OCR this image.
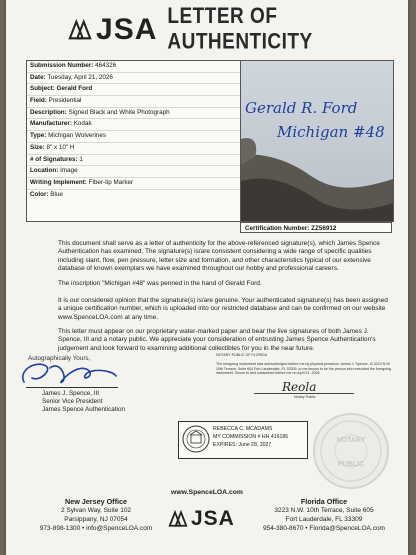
JSA LETTER OF AUTHENTICITY
Submission Number: 464326
Date: Tuesday, April 21, 2026
Subject: Gerald Ford
Field: Presidential
Description: Signed Black and White Photograph
Manufacturer: Kodak
Type: Michigan Wolverines
Size: 8" x 10" H
# of Signatures: 1
Location: Image
Writing Implement: Fiber-tip Marker
Color: Blue
Gerald R. Ford
Michigan #48
Certification Number: ZZ56912

This document shall serve as a letter of authenticity for the above-referenced signature(s), which James Spence Authentication has examined. The signature(s) is/are consistent considering a wide range of specific qualities including slant, flow, pen pressure, letter size and formation, and other characteristics typical of our extensive database of known exemplars we have examined throughout our hobby and professional careers.

The inscription "Michigan #48" was penned in the hand of Gerald Ford.

It is our considered opinion that the signature(s) is/are genuine. Your authenticated signature(s) has been assigned a unique certification number, which is uploaded into our restricted database and can be confirmed on our website www.SpenceLOA.com at any time.

This letter must appear on our proprietary water-marked paper and bear the live signatures of both James J. Spence, III and a notary public. We appreciate your consideration of entrusting James Spence Authentication's judgement and look forward to examining additional collectibles for you in the near future.

Autographically Yours,
James J. Spence, III
Senior Vice President
James Spence Authentication
NOTARY PUBLIC OF FLORIDA
The foregoing instrument was acknowledged before me by physical presence James J. Spence, III 3223 N.W. 10th Terrace, Suite 604 Fort Lauderdale, FL 33309, to me known to be the person who executed the foregoing instrument. Sworn to and subscribed before me on April 21, 2026
Reola
Notary Public
REBECCA C. MCADAMS
MY COMMISSION # HH 416186
EXPIRES: June 28, 2027
NOTARY
PUBLIC
www.SpenceLOA.com
New Jersey Office
2 Sylvan Way, Suite 102
Parsippany, NJ 07054
973-898-1300 • info@SpenceLOA.com	JSA
Florida Office
3223 N.W. 10th Terrace, Suite 605
Fort Lauderdale, FL 33309
954-380-8670 • Florida@SpenceLOA.com
